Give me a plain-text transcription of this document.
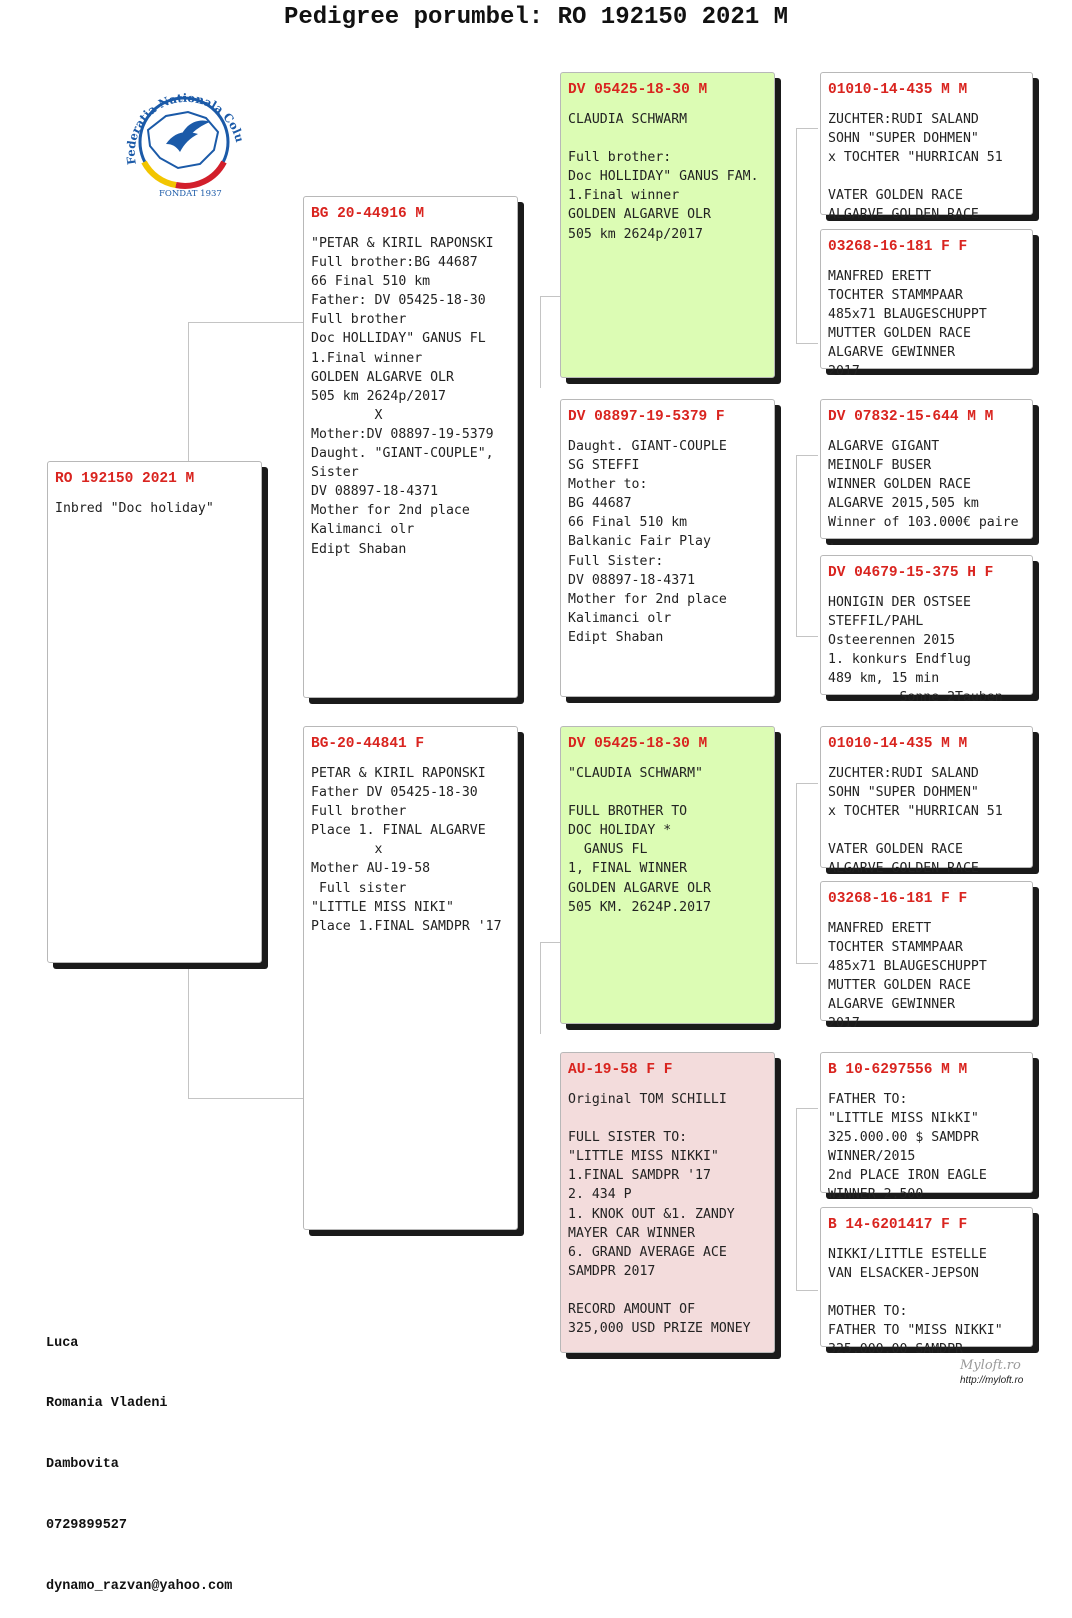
Pedigree porumbel: RO 192150 2021 M
Federatia Nationala Colu
FONDAT 1937
RO 192150 2021 M
Inbred "Doc holiday"
BG 20-44916 M
"PETAR & KIRIL RAPONSKI
Full brother:BG 44687
66 Final 510 km
Father: DV 05425-18-30
Full brother
Doc HOLLIDAY" GANUS FL
1.Final winner
GOLDEN ALGARVE OLR
505 km 2624p/2017
X
Mother:DV 08897-19-5379
Daught. "GIANT-COUPLE",
Sister
DV 08897-18-4371
Mother for 2nd place
Kalimanci olr
Edipt Shaban
BG-20-44841 F
PETAR & KIRIL RAPONSKI
Father DV 05425-18-30
Full brother
Place 1. FINAL ALGARVE
x
Mother AU-19-58
Full sister
"LITTLE MISS NIKI"
Place 1.FINAL SAMDPR '17
DV 05425-18-30 M
CLAUDIA SCHWARM

Full brother:
Doc HOLLIDAY" GANUS FAM.
1.Final winner
GOLDEN ALGARVE OLR
505 km 2624p/2017
DV 08897-19-5379 F
Daught. GIANT-COUPLE
SG STEFFI
Mother to:
BG 44687
66 Final 510 km
Balkanic Fair Play
Full Sister:
DV 08897-18-4371
Mother for 2nd place
Kalimanci olr
Edipt Shaban
DV 05425-18-30 M
"CLAUDIA SCHWARM"

FULL BROTHER TO
DOC HOLIDAY *
GANUS FL
1, FINAL WINNER
GOLDEN ALGARVE OLR
505 KM. 2624P.2017
AU-19-58 F F
Original TOM SCHILLI

FULL SISTER TO:
"LITTLE MISS NIKKI"
1.FINAL SAMDPR '17
2. 434 P
1. KNOK OUT &1. ZANDY
MAYER CAR WINNER
6. GRAND AVERAGE ACE
SAMDPR 2017

RECORD AMOUNT OF
325,000 USD PRIZE MONEY
01010-14-435 M M
ZUCHTER:RUDI SALAND
SOHN "SUPER DOHMEN"
x TOCHTER "HURRICAN 51

VATER GOLDEN RACE
ALGARVE GOLDEN RACE
03268-16-181 F F
MANFRED ERETT
TOCHTER STAMMPAAR
485x71 BLAUGESCHUPPT
MUTTER GOLDEN RACE
ALGARVE GEWINNER
2017
DV 07832-15-644 M M
ALGARVE GIGANT
MEINOLF BUSER
WINNER GOLDEN RACE
ALGARVE 2015,505 km
Winner of 103.000€ paire
.
DV 04679-15-375 H F
HONIGIN DER OSTSEE
STEFFIL/PAHL
Osteerennen 2015
1. konkurs Endflug
489 km, 15 min
Sonne 2Tauben
01010-14-435 M M
ZUCHTER:RUDI SALAND
SOHN "SUPER DOHMEN"
x TOCHTER "HURRICAN 51

VATER GOLDEN RACE
ALGARVE GOLDEN RACE
03268-16-181 F F
MANFRED ERETT
TOCHTER STAMMPAAR
485x71 BLAUGESCHUPPT
MUTTER GOLDEN RACE
ALGARVE GEWINNER
2017
B 10-6297556 M M
FATHER TO:
"LITTLE MISS NIkKI"
325.000.00 $ SAMDPR
WINNER/2015
2nd PLACE IRON EAGLE
WINNER 2.500
B 14-6201417 F F
NIKKI/LITTLE ESTELLE
VAN ELSACKER-JEPSON

MOTHER TO:
FATHER TO "MISS NIKKI"
325.000.00 SAMDPR

Luca

Romania Vladeni

Dambovita

0729899527

dynamo_razvan@yahoo.com

Myloft.ro
http://myloft.ro
